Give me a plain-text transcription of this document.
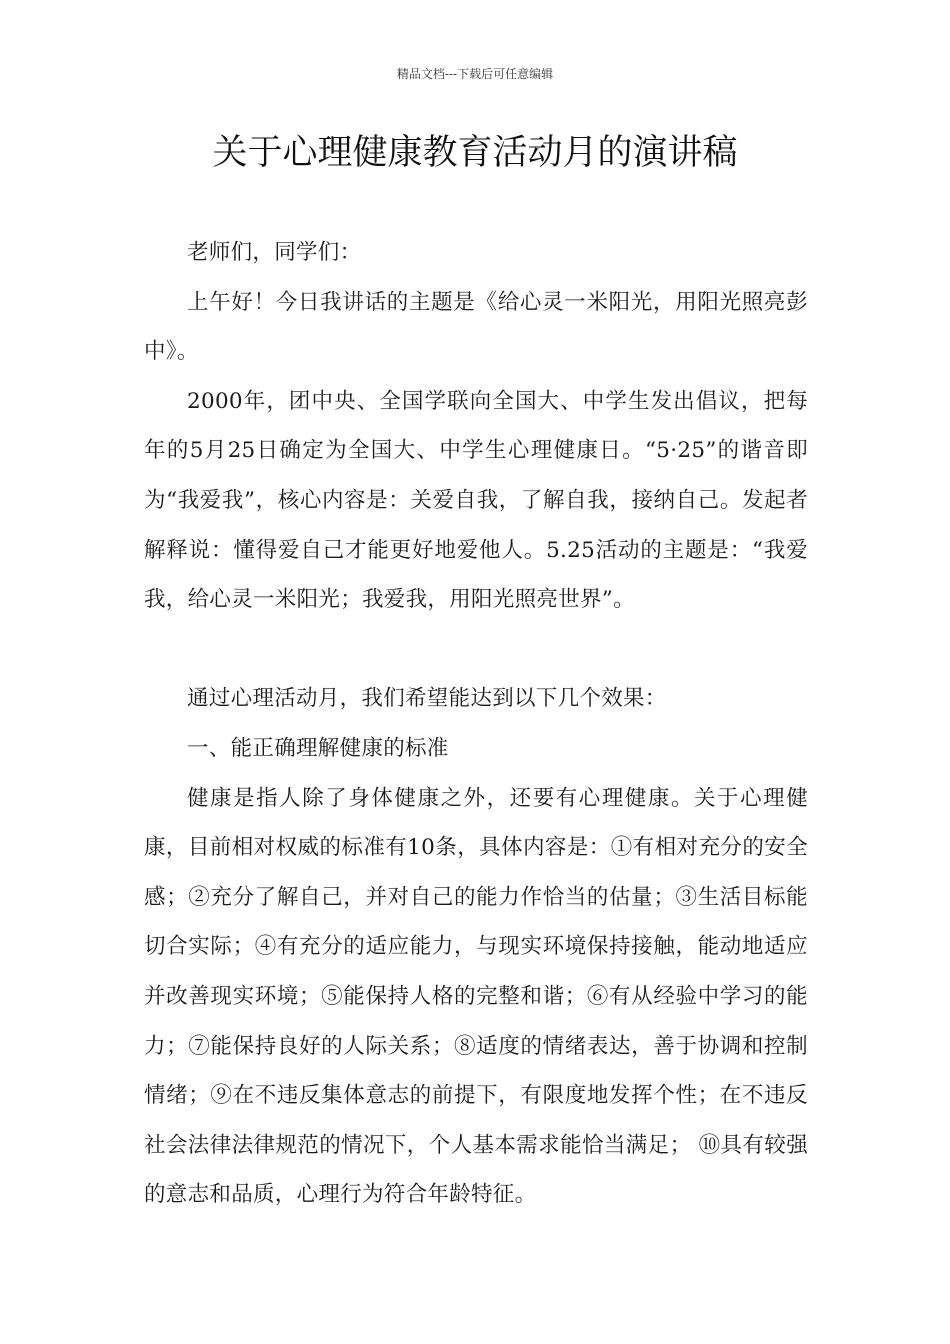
精品文档---下载后可任意编辑
关于心理健康教育活动月的演讲稿

老师们，同学们：

上午好！今日我讲话的主题是《给心灵一米阳光，用阳光照亮彭中》。

2000年，团中央、全国学联向全国大、中学生发出倡议，把每年的5月25日确定为全国大、中学生心理健康日。“5·25”的谐音即为“我爱我”，核心内容是：关爱自我，了解自我，接纳自己。发起者解释说：懂得爱自己才能更好地爱他人。5.25活动的主题是：“我爱我，给心灵一米阳光；我爱我，用阳光照亮世界”。

通过心理活动月，我们希望能达到以下几个效果：

一、能正确理解健康的标准

健康是指人除了身体健康之外，还要有心理健康。关于心理健康，目前相对权威的标准有10条，具体内容是：①有相对充分的安全感；②充分了解自己，并对自己的能力作恰当的估量；③生活目标能切合实际；④有充分的适应能力，与现实环境保持接触，能动地适应并改善现实环境；⑤能保持人格的完整和谐；⑥有从经验中学习的能力；⑦能保持良好的人际关系；⑧适度的情绪表达，善于协调和控制情绪；⑨在不违反集体意志的前提下，有限度地发挥个性；在不违反社会法律法律规范的情况下，个人基本需求能恰当满足； ⑩具有较强的意志和品质，心理行为符合年龄特征。
